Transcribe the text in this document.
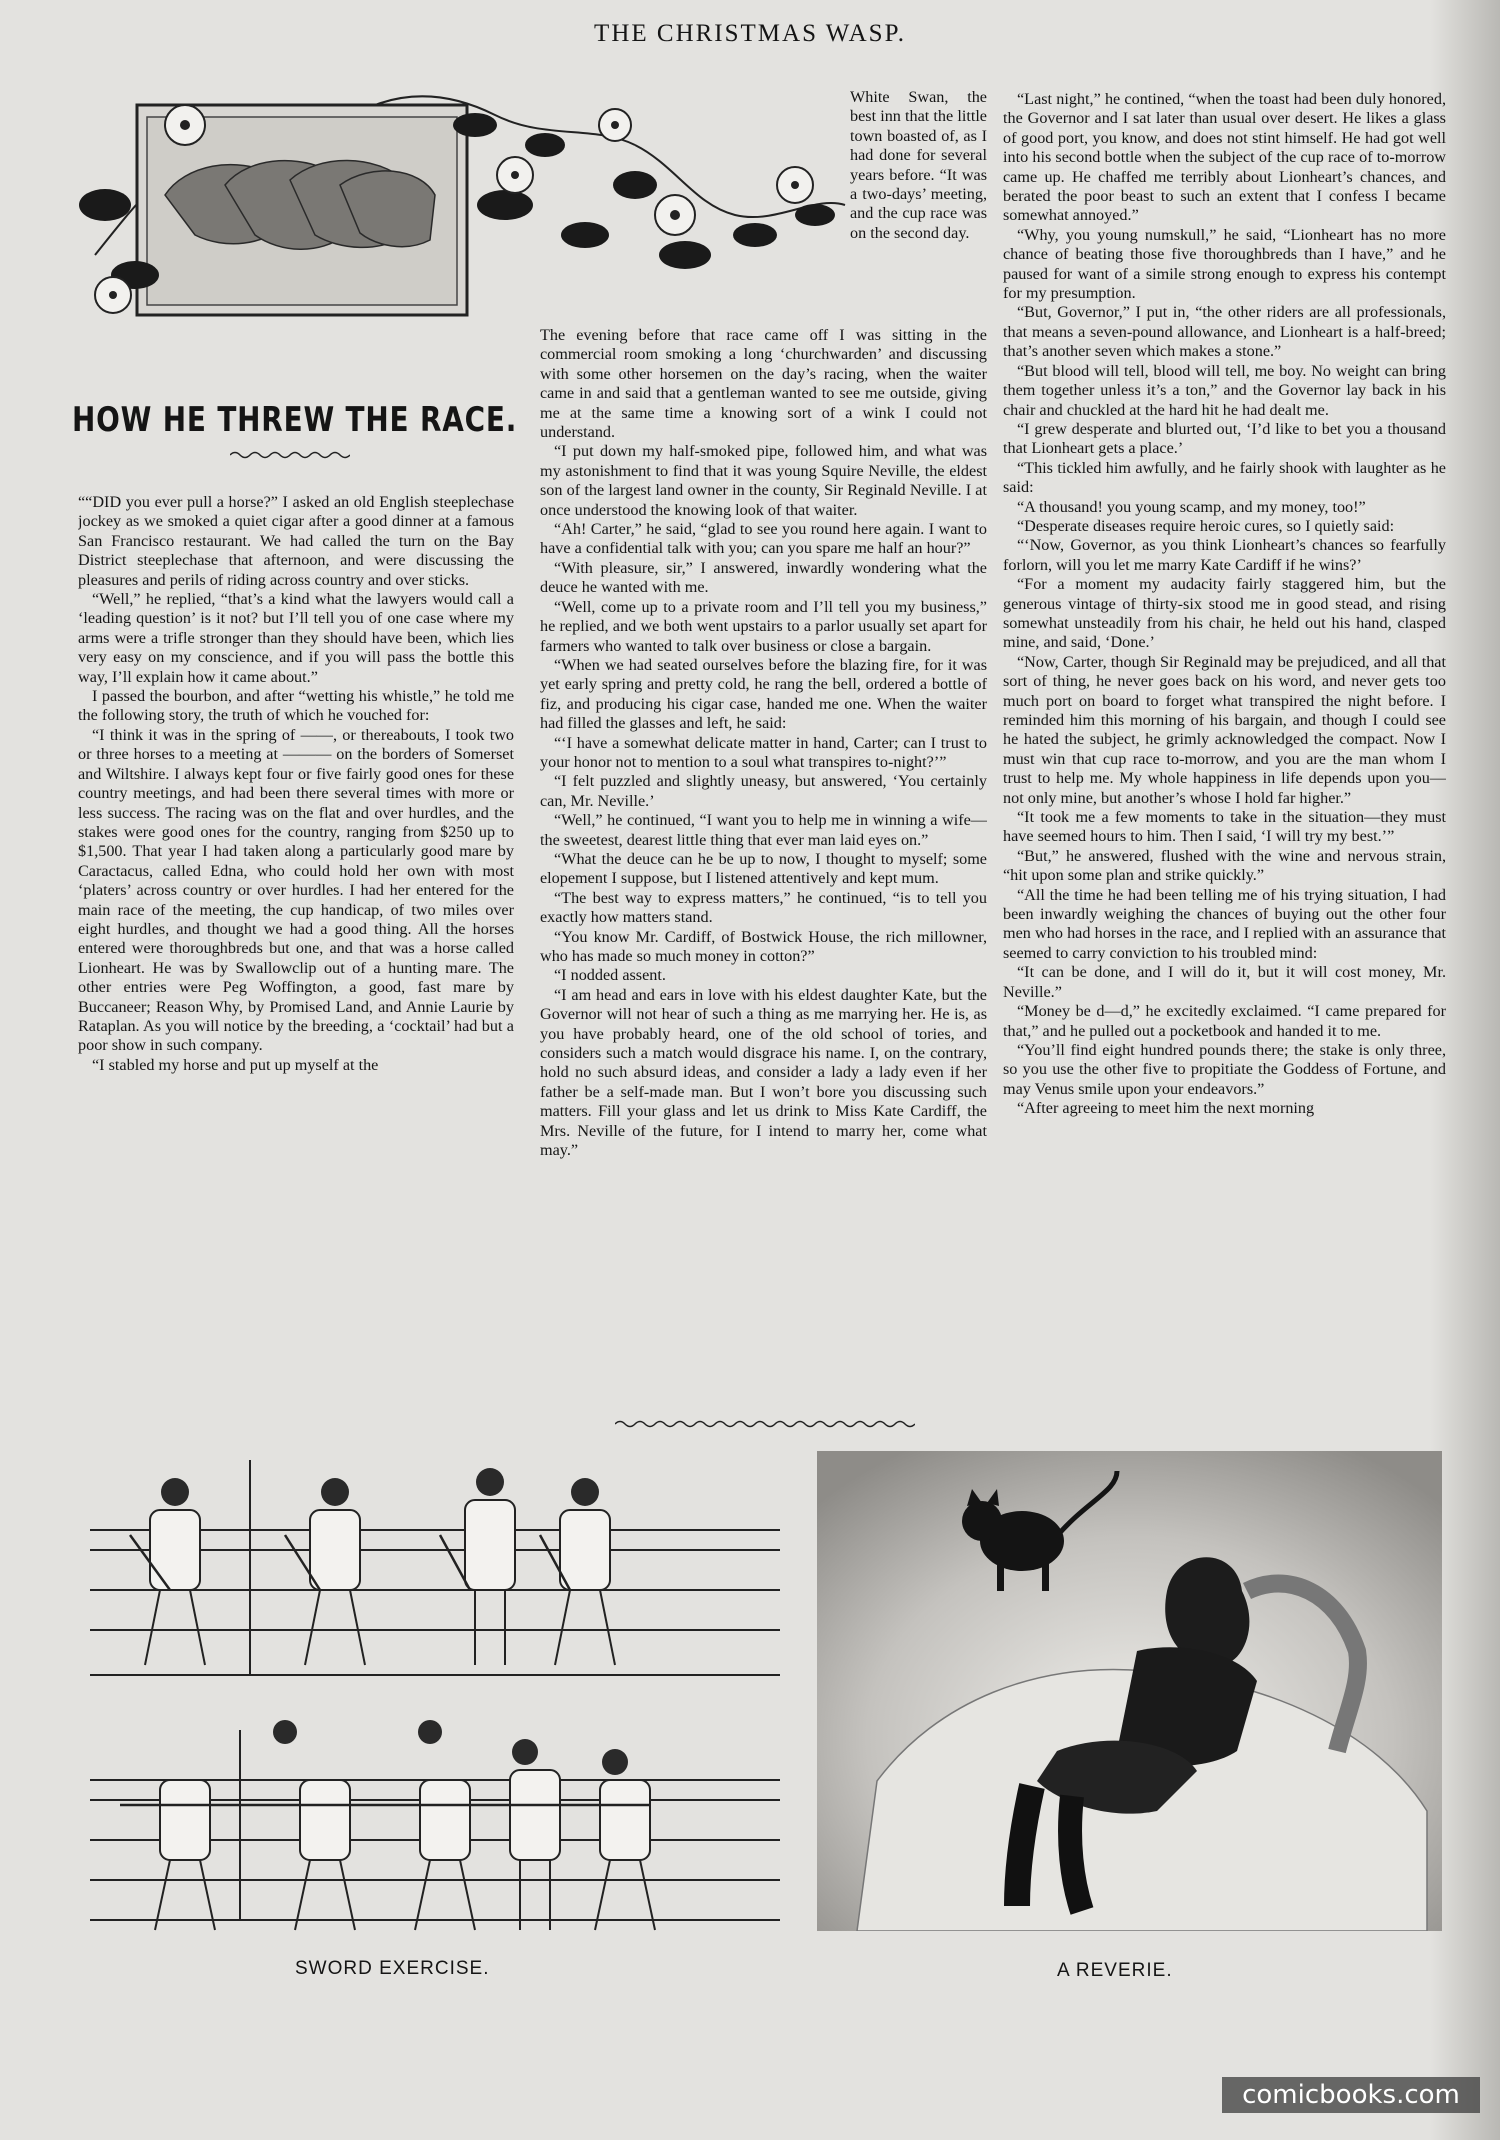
THE CHRISTMAS WASP.

White Swan, the best inn that the little town boasted of, as I had done for several years before. “It was a two-days’ meeting, and the cup race was on the second day.

HOW HE THREW THE RACE.

““DID you ever pull a horse?” I asked an old English steeplechase jockey as we smoked a quiet cigar after a good dinner at a famous San Francisco restaurant. We had called the turn on the Bay District steeplechase that afternoon, and were discussing the pleasures and perils of riding across country and over sticks.

“Well,” he replied, “that’s a kind what the lawyers would call a ‘leading question’ is it not? but I’ll tell you of one case where my arms were a trifle stronger than they should have been, which lies very easy on my conscience, and if you will pass the bottle this way, I’ll explain how it came about.”

I passed the bourbon, and after “wetting his whistle,” he told me the following story, the truth of which he vouched for:

“I think it was in the spring of ——, or thereabouts, I took two or three horses to a meeting at ——— on the borders of Somerset and Wiltshire. I always kept four or five fairly good ones for these country meetings, and had been there several times with more or less success. The racing was on the flat and over hurdles, and the stakes were good ones for the country, ranging from $250 up to $1,500. That year I had taken along a particularly good mare by Caractacus, called Edna, who could hold her own with most ‘platers’ across country or over hurdles. I had her entered for the main race of the meeting, the cup handicap, of two miles over eight hurdles, and thought we had a good thing. All the horses entered were thoroughbreds but one, and that was a horse called Lionheart. He was by Swallowclip out of a hunting mare. The other entries were Peg Woffington, a good, fast mare by Buccaneer; Reason Why, by Promised Land, and Annie Laurie by Rataplan. As you will notice by the breeding, a ‘cocktail’ had but a poor show in such company.

“I stabled my horse and put up myself at the

The evening before that race came off I was sitting in the commercial room smoking a long ‘churchwarden’ and discussing with some other horsemen on the day’s racing, when the waiter came in and said that a gentleman wanted to see me outside, giving me at the same time a knowing sort of a wink I could not understand.

“I put down my half-smoked pipe, followed him, and what was my astonishment to find that it was young Squire Neville, the eldest son of the largest land owner in the county, Sir Reginald Neville. I at once understood the knowing look of that waiter.

“Ah! Carter,” he said, “glad to see you round here again. I want to have a confidential talk with you; can you spare me half an hour?”

“With pleasure, sir,” I answered, inwardly wondering what the deuce he wanted with me.

“Well, come up to a private room and I’ll tell you my business,” he replied, and we both went upstairs to a parlor usually set apart for farmers who wanted to talk over business or close a bargain.

“When we had seated ourselves before the blazing fire, for it was yet early spring and pretty cold, he rang the bell, ordered a bottle of fiz, and producing his cigar case, handed me one. When the waiter had filled the glasses and left, he said:

“‘I have a somewhat delicate matter in hand, Carter; can I trust to your honor not to mention to a soul what transpires to-night?’”

“I felt puzzled and slightly uneasy, but answered, ‘You certainly can, Mr. Neville.’

“Well,” he continued, “I want you to help me in winning a wife—the sweetest, dearest little thing that ever man laid eyes on.”

“What the deuce can he be up to now, I thought to myself; some elopement I suppose, but I listened attentively and kept mum.

“The best way to express matters,” he continued, “is to tell you exactly how matters stand.

“You know Mr. Cardiff, of Bostwick House, the rich millowner, who has made so much money in cotton?”

“I nodded assent.

“I am head and ears in love with his eldest daughter Kate, but the Governor will not hear of such a thing as me marrying her. He is, as you have probably heard, one of the old school of tories, and considers such a match would disgrace his name. I, on the contrary, hold no such absurd ideas, and consider a lady a lady even if her father be a self-made man. But I won’t bore you discussing such matters. Fill your glass and let us drink to Miss Kate Cardiff, the Mrs. Neville of the future, for I intend to marry her, come what may.”

“Last night,” he contined, “when the toast had been duly honored, the Governor and I sat later than usual over desert. He likes a glass of good port, you know, and does not stint himself. He had got well into his second bottle when the subject of the cup race of to-morrow came up. He chaffed me terribly about Lionheart’s chances, and berated the poor beast to such an extent that I confess I became somewhat annoyed.”

“Why, you young numskull,” he said, “Lionheart has no more chance of beating those five thoroughbreds than I have,” and he paused for want of a simile strong enough to express his contempt for my presumption.

“But, Governor,” I put in, “the other riders are all professionals, that means a seven-pound allowance, and Lionheart is a half-breed; that’s another seven which makes a stone.”

“But blood will tell, blood will tell, me boy. No weight can bring them together unless it’s a ton,” and the Governor lay back in his chair and chuckled at the hard hit he had dealt me.

“I grew desperate and blurted out, ‘I’d like to bet you a thousand that Lionheart gets a place.’

“This tickled him awfully, and he fairly shook with laughter as he said:

“A thousand! you young scamp, and my money, too!”

“Desperate diseases require heroic cures, so I quietly said:

“‘Now, Governor, as you think Lionheart’s chances so fearfully forlorn, will you let me marry Kate Cardiff if he wins?’

“For a moment my audacity fairly staggered him, but the generous vintage of thirty-six stood me in good stead, and rising somewhat unsteadily from his chair, he held out his hand, clasped mine, and said, ‘Done.’

“Now, Carter, though Sir Reginald may be prejudiced, and all that sort of thing, he never goes back on his word, and never gets too much port on board to forget what transpired the night before. I reminded him this morning of his bargain, and though I could see he hated the subject, he grimly acknowledged the compact. Now I must win that cup race to-morrow, and you are the man whom I trust to help me. My whole happiness in life depends upon you—not only mine, but another’s whose I hold far higher.”

“It took me a few moments to take in the situation—they must have seemed hours to him. Then I said, ‘I will try my best.’”

“But,” he answered, flushed with the wine and nervous strain, “hit upon some plan and strike quickly.”

“All the time he had been telling me of his trying situation, I had been inwardly weighing the chances of buying out the other four men who had horses in the race, and I replied with an assurance that seemed to carry conviction to his troubled mind:

“It can be done, and I will do it, but it will cost money, Mr. Neville.”

“Money be d—d,” he excitedly exclaimed. “I came prepared for that,” and he pulled out a pocketbook and handed it to me.

“You’ll find eight hundred pounds there; the stake is only three, so you use the other five to propitiate the Goddess of Fortune, and may Venus smile upon your endeavors.”

“After agreeing to meet him the next morning

SWORD EXERCISE.	A REVERIE.
comicbooks.com
